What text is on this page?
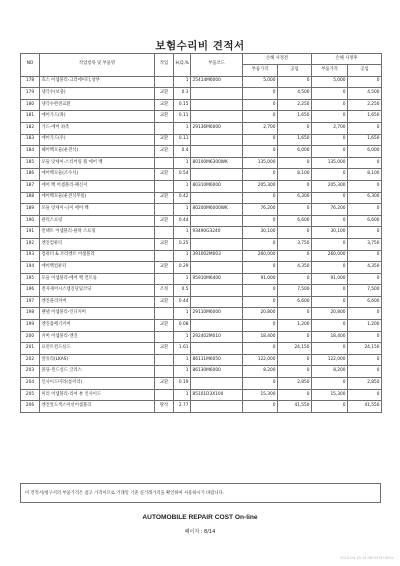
보험수리비 견적서
NO	작업항목 및 부품명	작업	H,Q,%	부품코드	손해 사정전		손해 사정후	
					부품가격	공임	부품가격	공임
178	호스 어셈블리-크리에이터,상부		1	25414M6000	5,000	0	5,000	0
179	냉각수(보충)	교환	0.3		0	4,500	0	4,500
180	냉각수완전교환	교환	0.15		0	2,250	0	2,250
181	에어가드(좌)	교환	0.11		0	1,650	0	1,650
182	가드-에어 좌측		1	29136M6000	2,700	0	2,700	0
183	에어가드(우)	교환	0.11		0	1,650	0	1,650
184	헤어백모듈(운전석)	교환	0.4		0	6,000	0	6,000
185	모듈 앗세이-스티어링 휠 에어 백		1	80100M6300WK	135,000	0	135,000	0
186	에어백모듈(조수석)	교환	0.54		0	8,100	0	8,100
187	에어 백 어셈블리-패신저		1	80310M6000	205,300	0	205,300	0
188	에어백모듈(운전석무릎)	교환	0.42		0	6,300	0	6,300
189	모듈 앗세이-니이 에어 백		1	80200M6000WK	76,200	0	76,200	0
190	클럭스프링	교환	0.44		0	6,600	0	6,600
191	컨택트 어셈블리-클락 스프링		1	93490G3240	30,100	0	30,100	0
192	엔진컴퓨터	교환	0.25		0	3,750	0	3,750
193	컴퓨터 & 브라켓트 어셈블리		1	391002M003	260,000	0	260,000	0
194	에어백컴퓨터	교환	0.29		0	4,350	0	4,350
195	모듈 어셈블리-에어 백 컨트롤		1	95910M6400	91,000	0	91,000	0
196	전자제어시스템진단및코딩	조정	0.5		0	7,500	0	7,500
197	엔진풀리커버	교환	0.44		0	6,600	0	6,600
198	팬넬 어셈블리-인디커버		1	29110M6000	20,800	0	20,800	0
199	엔진흡배기커버	교환	0.08		0	1,200	0	1,200
200	커버 어셈블리-엔진		1	292402M010	18,400	0	18,400	0
201	프런트윈드실드	교환	1.61		0	24,150	0	24,150
202	앞유리(LKAS)		1	86111M6050	122,000	0	122,000	0
203	몰딩-윈드실드 글라스		1	86130M6000	8,200	0	8,200	0
204	인사이드미러(룸미러)	교환	0.19		0	2,850	0	2,850
205	미러 어셈블리-리어 뷰 인사이드		1	85101D3X100	15,300	0	15,300	0
206	엔진앞도색스이선어셈블리	탈착	2.77		0	41,550	0	41,550
이 견적서/청구서의 부품가격은 참고 가격이므로 거래일 기준 실거래가격을 확인하여 사용하시기 바랍니다.
AUTOMOBILE REPAIR COST On-line
페이지 : 8/14
2024-04-15 14:38:53 M7X001
